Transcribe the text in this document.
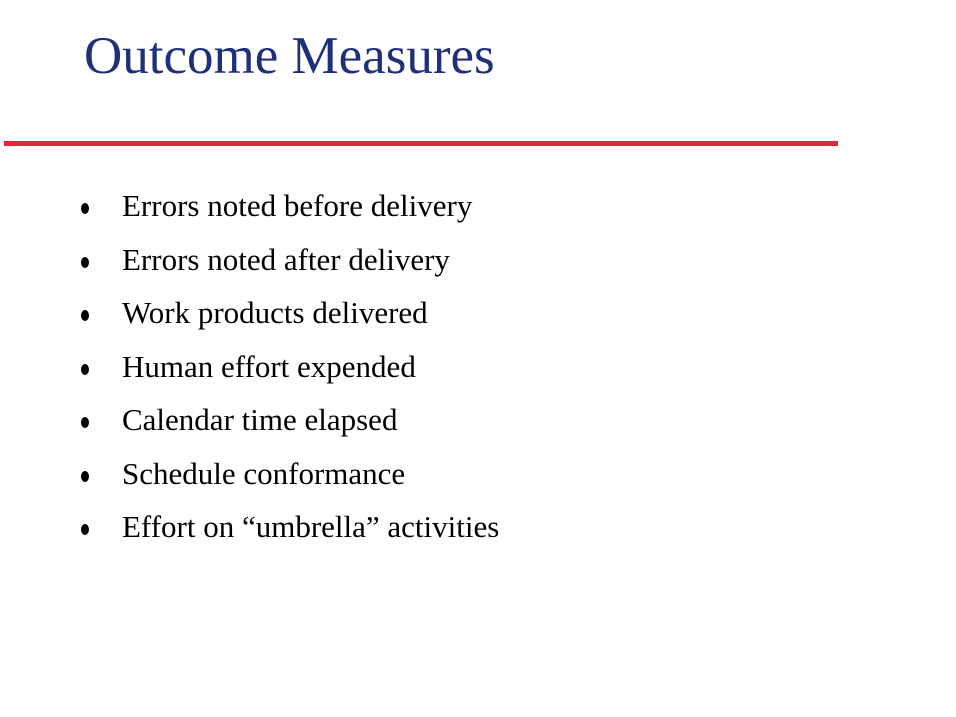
Outcome Measures
Errors noted before delivery
Errors noted after delivery
Work products delivered
Human effort expended
Calendar time elapsed
Schedule conformance
Effort on “umbrella” activities
